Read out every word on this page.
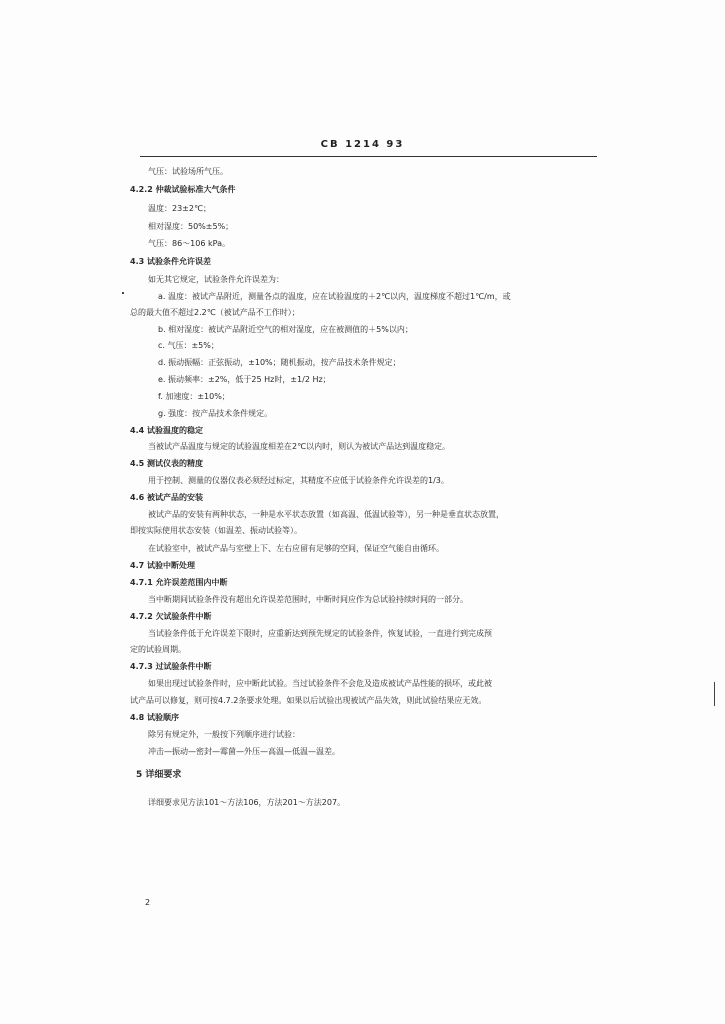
CB 1214 93
气压：试验场所气压。
4.2.2 仲裁试验标准大气条件
温度：23±2℃；
相对湿度：50%±5%；
气压：86～106 kPa。
4.3 试验条件允许误差
如无其它规定，试验条件允许误差为：
a. 温度：被试产品附近，测量各点的温度，应在试验温度的＋2℃以内，温度梯度不超过1℃/m，或
总的最大值不超过2.2℃（被试产品不工作时）；
b. 相对湿度：被试产品附近空气的相对湿度，应在被测值的＋5%以内；
c. 气压：±5%；
d. 振动振幅：正弦振动，±10%；随机振动，按产品技术条件规定；
e. 振动频率：±2%，低于25 Hz时，±1/2 Hz；
f. 加速度：±10%；
g. 强度：按产品技术条件规定。
4.4 试验温度的稳定
当被试产品温度与规定的试验温度相差在2℃以内时，则认为被试产品达到温度稳定。
4.5 测试仪表的精度
用于控制、测量的仪器仪表必须经过标定，其精度不应低于试验条件允许误差的1/3。
4.6 被试产品的安装
被试产品的安装有两种状态，一种是水平状态放置（如高温、低温试验等），另一种是垂直状态放置，
即按实际使用状态安装（如温差、振动试验等）。
在试验室中，被试产品与室壁上下、左右应留有足够的空间，保证空气能自由循环。
4.7 试验中断处理
4.7.1 允许误差范围内中断
当中断期间试验条件没有超出允许误差范围时，中断时间应作为总试验持续时间的一部分。
4.7.2 欠试验条件中断
当试验条件低于允许误差下限时，应重新达到预先规定的试验条件，恢复试验，一直进行到完成预
定的试验周期。
4.7.3 过试验条件中断
如果出现过试验条件时，应中断此试验。当过试验条件不会危及造成被试产品性能的损坏，或此被
试产品可以修复，则可按4.7.2条要求处理。如果以后试验出现被试产品失效，则此试验结果应无效。
4.8 试验顺序
除另有规定外，一般按下列顺序进行试验：
冲击—振动—密封—霉菌—外压—高温—低温—温差。
5 详细要求
详细要求见方法101～方法106，方法201～方法207。
2
